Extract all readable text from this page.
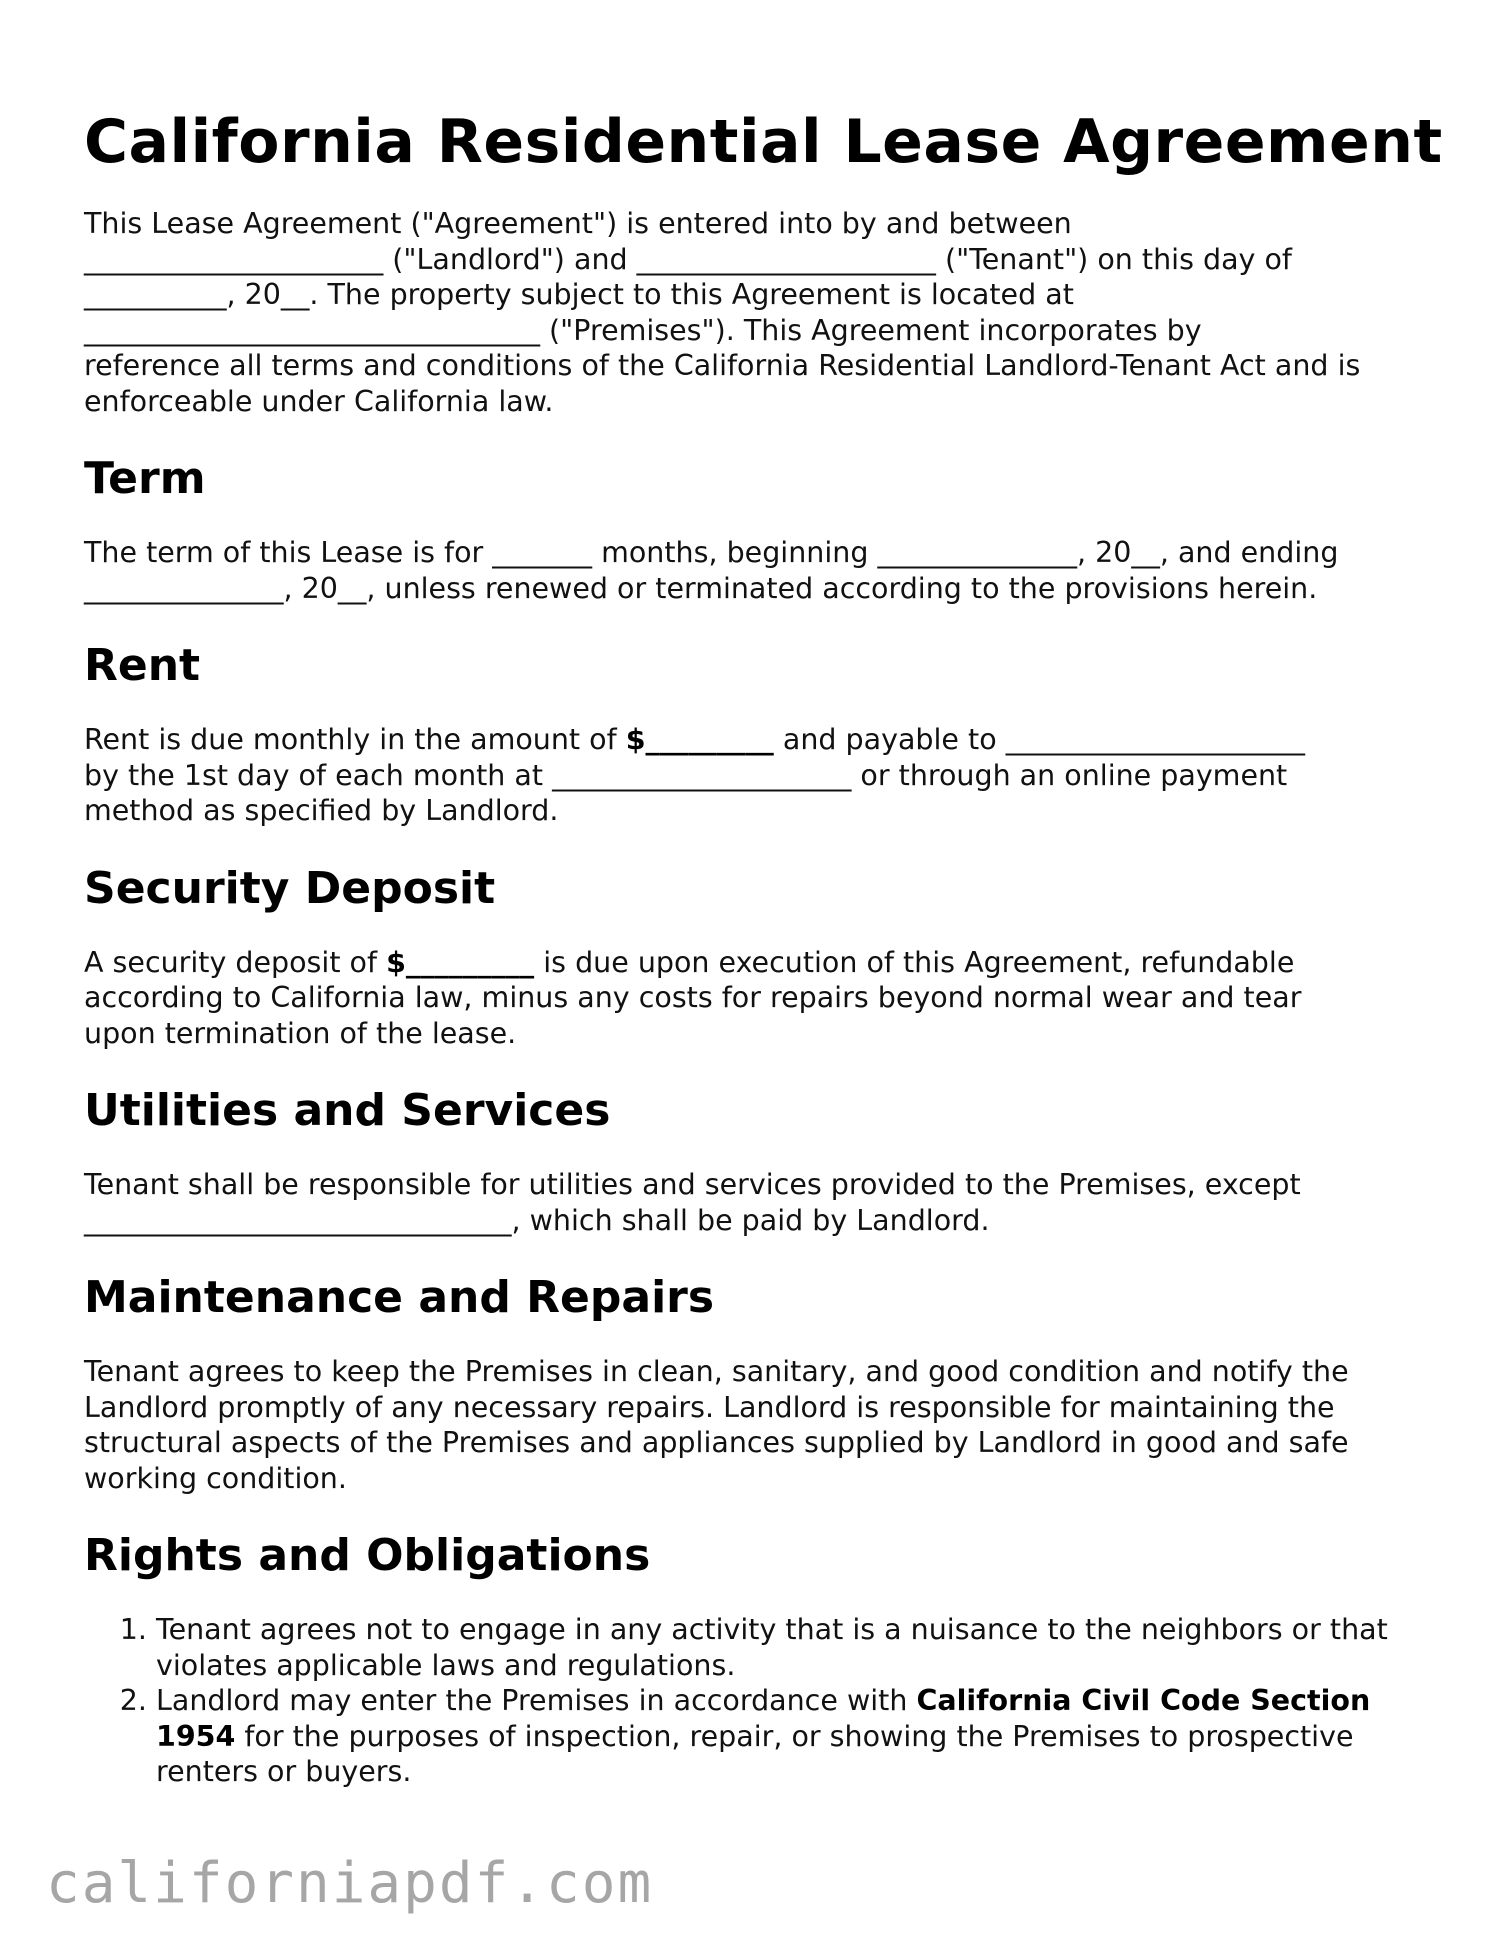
California Residential Lease Agreement

This Lease Agreement ("Agreement") is entered into by and between
_____________________ ("Landlord") and _____________________ ("Tenant") on this day of
__________, 20__. The property subject to this Agreement is located at
________________________________ ("Premises"). This Agreement incorporates by
reference all terms and conditions of the California Residential Landlord-Tenant Act and is
enforceable under California law.

Term

The term of this Lease is for _______ months, beginning ______________, 20__, and ending
______________, 20__, unless renewed or terminated according to the provisions herein.

Rent

Rent is due monthly in the amount of $_________ and payable to _____________________
by the 1st day of each month at _____________________ or through an online payment
method as specified by Landlord.

Security Deposit

A security deposit of $_________ is due upon execution of this Agreement, refundable
according to California law, minus any costs for repairs beyond normal wear and tear
upon termination of the lease.

Utilities and Services

Tenant shall be responsible for utilities and services provided to the Premises, except
______________________________, which shall be paid by Landlord.

Maintenance and Repairs

Tenant agrees to keep the Premises in clean, sanitary, and good condition and notify the
Landlord promptly of any necessary repairs. Landlord is responsible for maintaining the
structural aspects of the Premises and appliances supplied by Landlord in good and safe
working condition.

Rights and Obligations
1. Tenant agrees not to engage in any activity that is a nuisance to the neighbors or that
violates applicable laws and regulations.
2. Landlord may enter the Premises in accordance with California Civil Code Section
1954 for the purposes of inspection, repair, or showing the Premises to prospective
renters or buyers.
californiapdf.com
